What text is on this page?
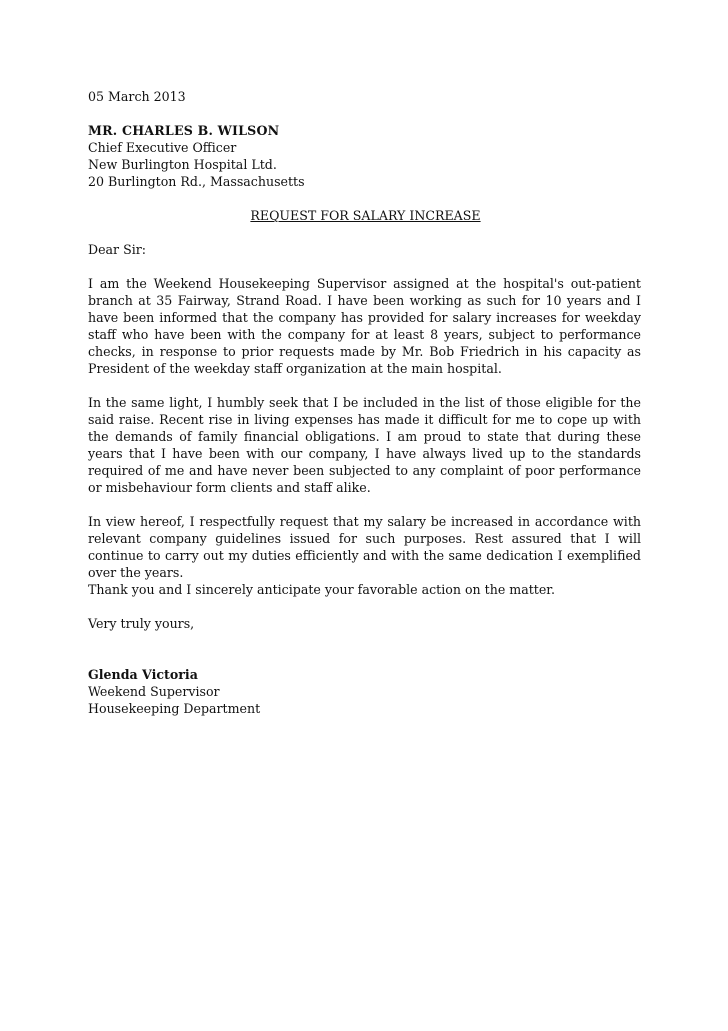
05 March 2013
MR. CHARLES B. WILSON
Chief Executive Officer
New Burlington Hospital Ltd.
20 Burlington Rd., Massachusetts
REQUEST FOR SALARY INCREASE
Dear Sir:

I am the Weekend Housekeeping Supervisor assigned at the hospital's out-patient branch at 35 Fairway, Strand Road. I have been working as such for 10 years and I have been informed that the company has provided for salary increases for weekday staff who have been with the company for at least 8 years, subject to performance checks, in response to prior requests made by Mr. Bob Friedrich in his capacity as President of the weekday staff organization at the main hospital.

In the same light, I humbly seek that I be included in the list of those eligible for the said raise. Recent rise in living expenses has made it difficult for me to cope up with the demands of family financial obligations. I am proud to state that during these years that I have been with our company, I have always lived up to the standards required of me and have never been subjected to any complaint of poor performance or misbehaviour form clients and staff alike.

In view hereof, I respectfully request that my salary be increased in accordance with relevant company guidelines issued for such purposes. Rest assured that I will continue to carry out my duties efficiently and with the same dedication I exemplified over the years.

Thank you and I sincerely anticipate your favorable action on the matter.

Very truly yours,
Glenda Victoria
Weekend Supervisor
Housekeeping Department
